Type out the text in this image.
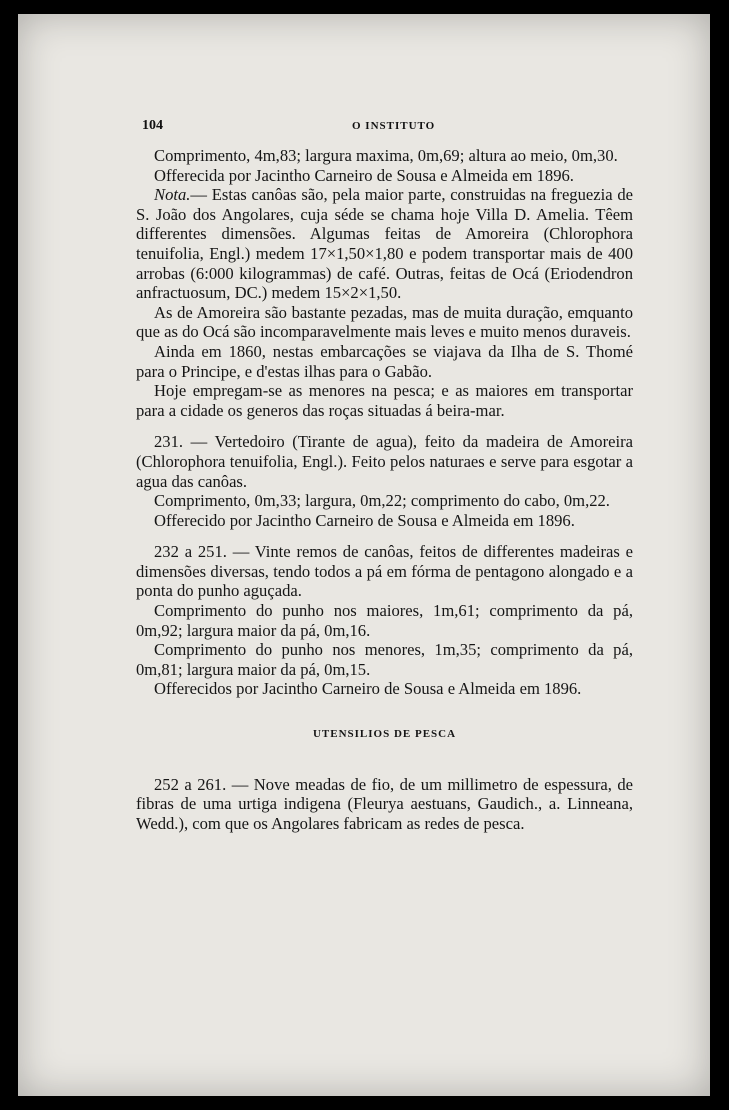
104	O INSTITUTO

Comprimento, 4m,83; largura maxima, 0m,69; altura ao meio, 0m,30.

Offerecida por Jacintho Carneiro de Sousa e Almeida em 1896.

Nota.— Estas canôas são, pela maior parte, construidas na freguezia de S. João dos Angolares, cuja séde se chama hoje Villa D. Amelia. Têem differentes dimensões. Algumas feitas de Amoreira (Chlorophora tenuifolia, Engl.) medem 17×1,50×1,80 e podem transportar mais de 400 arrobas (6:000 kilogrammas) de café. Outras, feitas de Ocá (Eriodendron anfractuosum, DC.) medem 15×2×1,50.

As de Amoreira são bastante pezadas, mas de muita duração, emquanto que as do Ocá são incomparavelmente mais leves e muito menos duraveis.

Ainda em 1860, nestas embarcações se viajava da Ilha de S. Thomé para o Principe, e d'estas ilhas para o Gabão.

Hoje empregam-se as menores na pesca; e as maiores em transportar para a cidade os generos das roças situadas á beira-mar.

231. — Vertedoiro (Tirante de agua), feito da madeira de Amoreira (Chlorophora tenuifolia, Engl.). Feito pelos naturaes e serve para esgotar a agua das canôas.

Comprimento, 0m,33; largura, 0m,22; comprimento do cabo, 0m,22.

Offerecido por Jacintho Carneiro de Sousa e Almeida em 1896.

232 a 251. — Vinte remos de canôas, feitos de differentes madeiras e dimensões diversas, tendo todos a pá em fórma de pentagono alongado e a ponta do punho aguçada.

Comprimento do punho nos maiores, 1m,61; comprimento da pá, 0m,92; largura maior da pá, 0m,16.

Comprimento do punho nos menores, 1m,35; comprimento da pá, 0m,81; largura maior da pá, 0m,15.

Offerecidos por Jacintho Carneiro de Sousa e Almeida em 1896.

UTENSILIOS DE PESCA

252 a 261. — Nove meadas de fio, de um millimetro de espessura, de fibras de uma urtiga indigena (Fleurya aestuans, Gaudich., a. Linneana, Wedd.), com que os Angolares fabricam as redes de pesca.
